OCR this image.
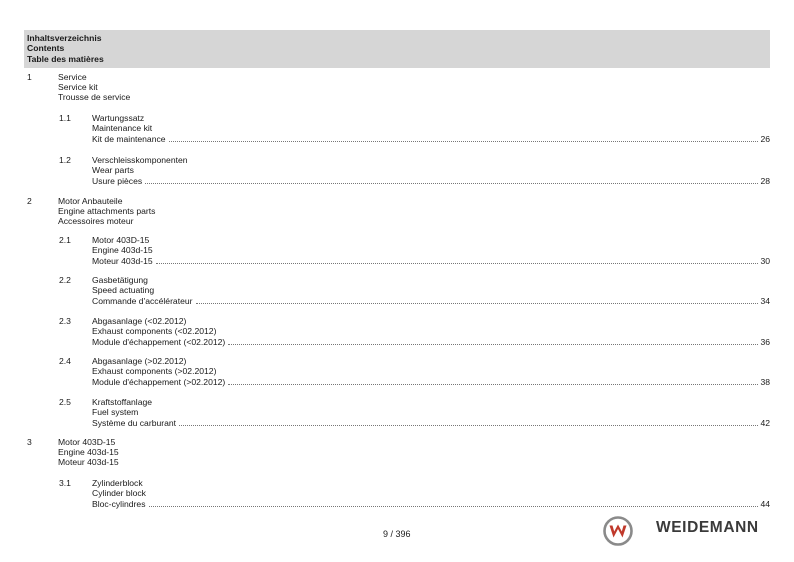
Inhaltsverzeichnis
Contents
Table des matières
1	Service
Service kit
Trousse de service
1.1 Wartungssatz
Maintenance kit
Kit de maintenance	26
1.2 Verschleisskomponenten
Wear parts
Usure pièces	28
2	Motor Anbauteile
Engine attachments parts
Accessoires moteur
2.1 Motor 403D-15
Engine 403d-15
Moteur 403d-15	30
2.2 Gasbetätigung
Speed actuating
Commande d'accélérateur	34
2.3 Abgasanlage (<02.2012)
Exhaust components (<02.2012)
Module d'échappement (<02.2012)	36
2.4 Abgasanlage (>02.2012)
Exhaust components (>02.2012)
Module d'échappement (>02.2012)	38
2.5 Kraftstoffanlage
Fuel system
Système du carburant	42
3	Motor 403D-15
Engine 403d-15
Moteur 403d-15
3.1 Zylinderblock
Cylinder block
Bloc-cylindres	44
9 / 396	WEIDEMANN
